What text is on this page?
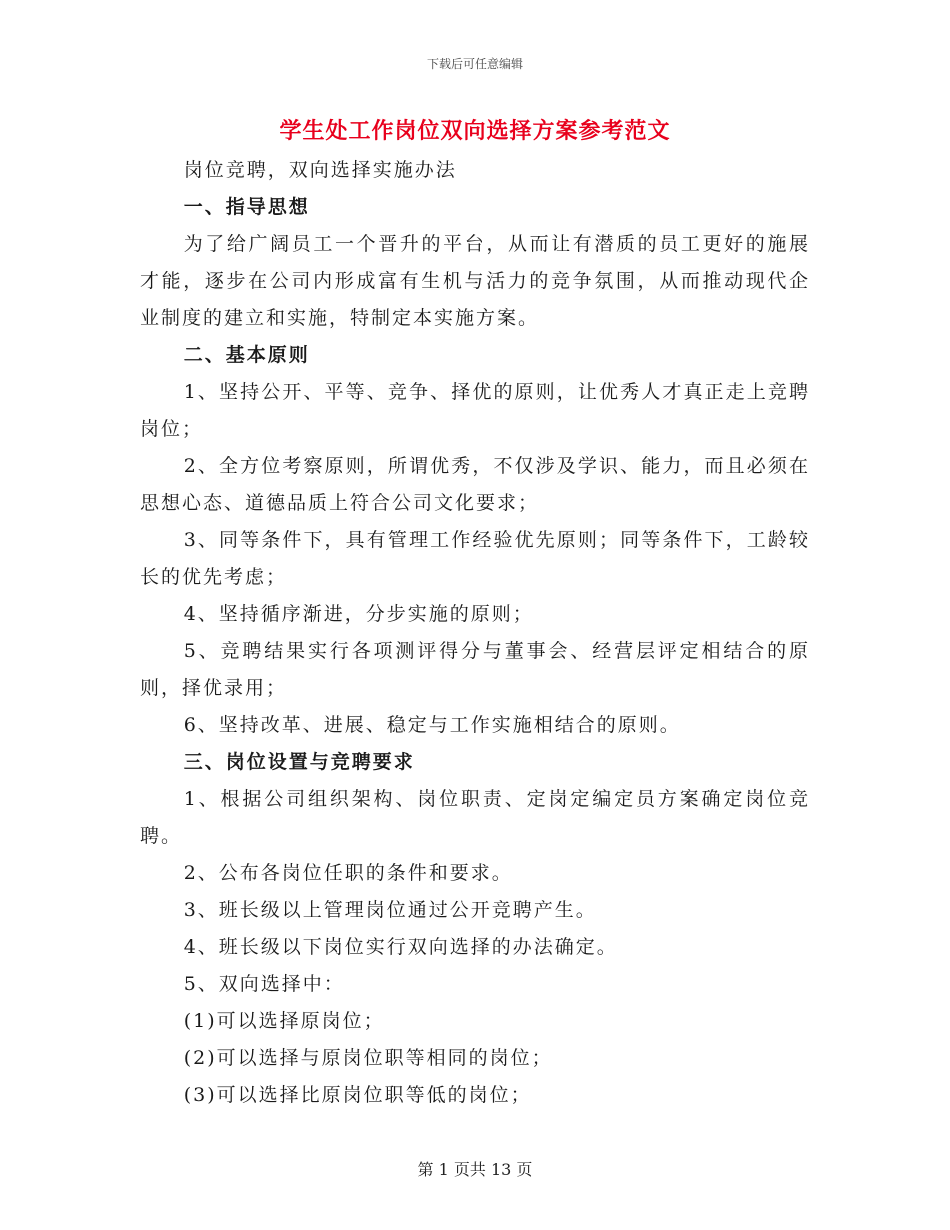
下载后可任意编辑
学生处工作岗位双向选择方案参考范文

岗位竞聘，双向选择实施办法

一、指导思想

为了给广阔员工一个晋升的平台，从而让有潜质的员工更好的施展才能，逐步在公司内形成富有生机与活力的竞争氛围，从而推动现代企业制度的建立和实施，特制定本实施方案。

二、基本原则

1、坚持公开、平等、竞争、择优的原则，让优秀人才真正走上竞聘岗位；

2、全方位考察原则，所谓优秀，不仅涉及学识、能力，而且必须在思想心态、道德品质上符合公司文化要求；

3、同等条件下，具有管理工作经验优先原则；同等条件下，工龄较长的优先考虑；

4、坚持循序渐进，分步实施的原则；

5、竞聘结果实行各项测评得分与董事会、经营层评定相结合的原则，择优录用；

6、坚持改革、进展、稳定与工作实施相结合的原则。

三、岗位设置与竞聘要求

1、根据公司组织架构、岗位职责、定岗定编定员方案确定岗位竞聘。

2、公布各岗位任职的条件和要求。

3、班长级以上管理岗位通过公开竞聘产生。

4、班长级以下岗位实行双向选择的办法确定。

5、双向选择中：

(1)可以选择原岗位；

(2)可以选择与原岗位职等相同的岗位；

(3)可以选择比原岗位职等低的岗位；

第 1 页共 13 页
